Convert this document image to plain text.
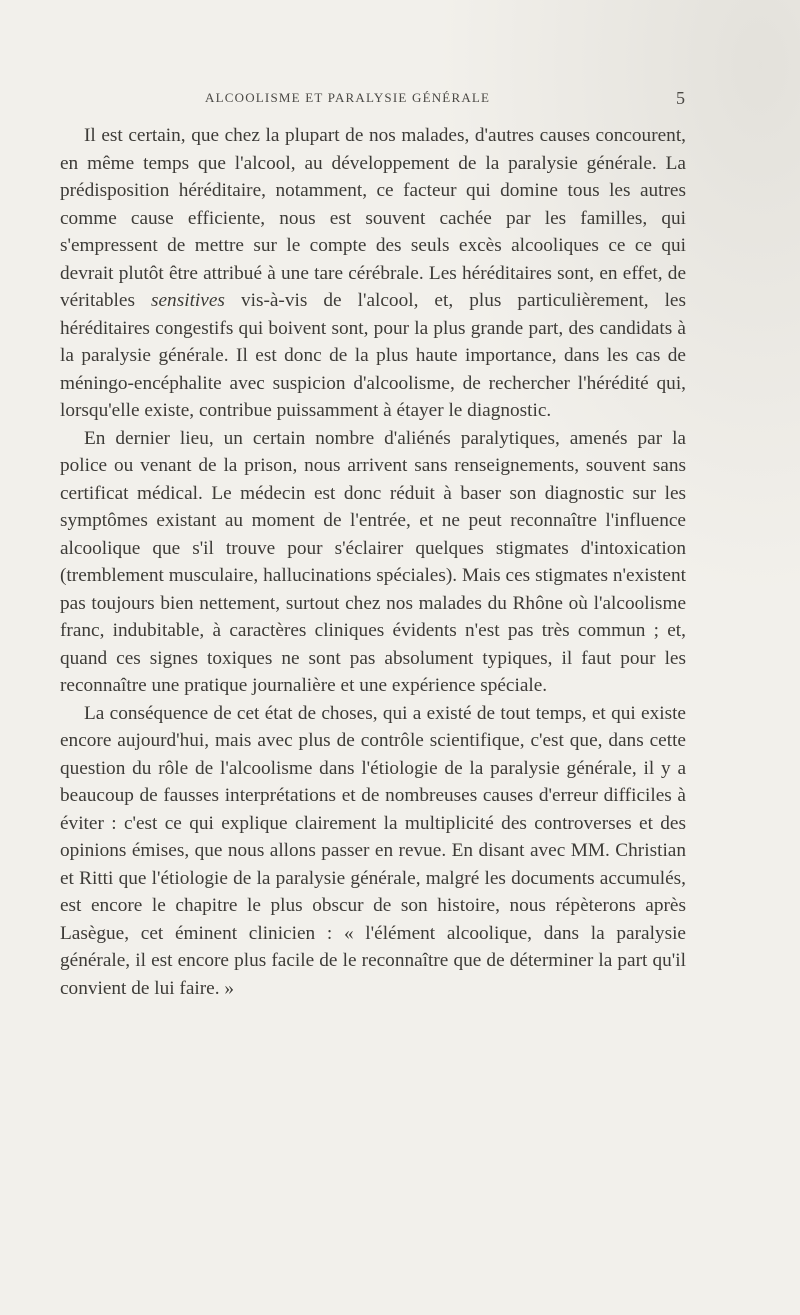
ALCOOLISME ET PARALYSIE GÉNÉRALE	5

Il est certain, que chez la plupart de nos malades, d'autres causes concourent, en même temps que l'alcool, au développement de la paralysie générale. La prédisposition héréditaire, notamment, ce facteur qui domine tous les autres comme cause efficiente, nous est souvent cachée par les familles, qui s'empressent de mettre sur le compte des seuls excès alcooliques ce ce qui devrait plutôt être attribué à une tare cérébrale. Les héréditaires sont, en effet, de véritables sensitives vis-à-vis de l'alcool, et, plus particulièrement, les héréditaires congestifs qui boivent sont, pour la plus grande part, des candidats à la paralysie générale. Il est donc de la plus haute importance, dans les cas de méningo-encéphalite avec suspicion d'alcoolisme, de rechercher l'hérédité qui, lorsqu'elle existe, contribue puissamment à étayer le diagnostic.

En dernier lieu, un certain nombre d'aliénés paralytiques, amenés par la police ou venant de la prison, nous arrivent sans renseignements, souvent sans certificat médical. Le médecin est donc réduit à baser son diagnostic sur les symptômes existant au moment de l'entrée, et ne peut reconnaître l'influence alcoolique que s'il trouve pour s'éclairer quelques stigmates d'intoxication (tremblement musculaire, hallucinations spéciales). Mais ces stigmates n'existent pas toujours bien nettement, surtout chez nos malades du Rhône où l'alcoolisme franc, indubitable, à caractères cliniques évidents n'est pas très commun ; et, quand ces signes toxiques ne sont pas absolument typiques, il faut pour les reconnaître une pratique journalière et une expérience spéciale.

La conséquence de cet état de choses, qui a existé de tout temps, et qui existe encore aujourd'hui, mais avec plus de contrôle scientifique, c'est que, dans cette question du rôle de l'alcoolisme dans l'étiologie de la paralysie générale, il y a beaucoup de fausses interprétations et de nombreuses causes d'erreur difficiles à éviter : c'est ce qui explique clairement la multiplicité des controverses et des opinions émises, que nous allons passer en revue. En disant avec MM. Christian et Ritti que l'étiologie de la paralysie générale, malgré les documents accumulés, est encore le chapitre le plus obscur de son histoire, nous répèterons après Lasègue, cet éminent clinicien : « l'élément alcoolique, dans la paralysie générale, il est encore plus facile de le reconnaître que de déterminer la part qu'il convient de lui faire. »
